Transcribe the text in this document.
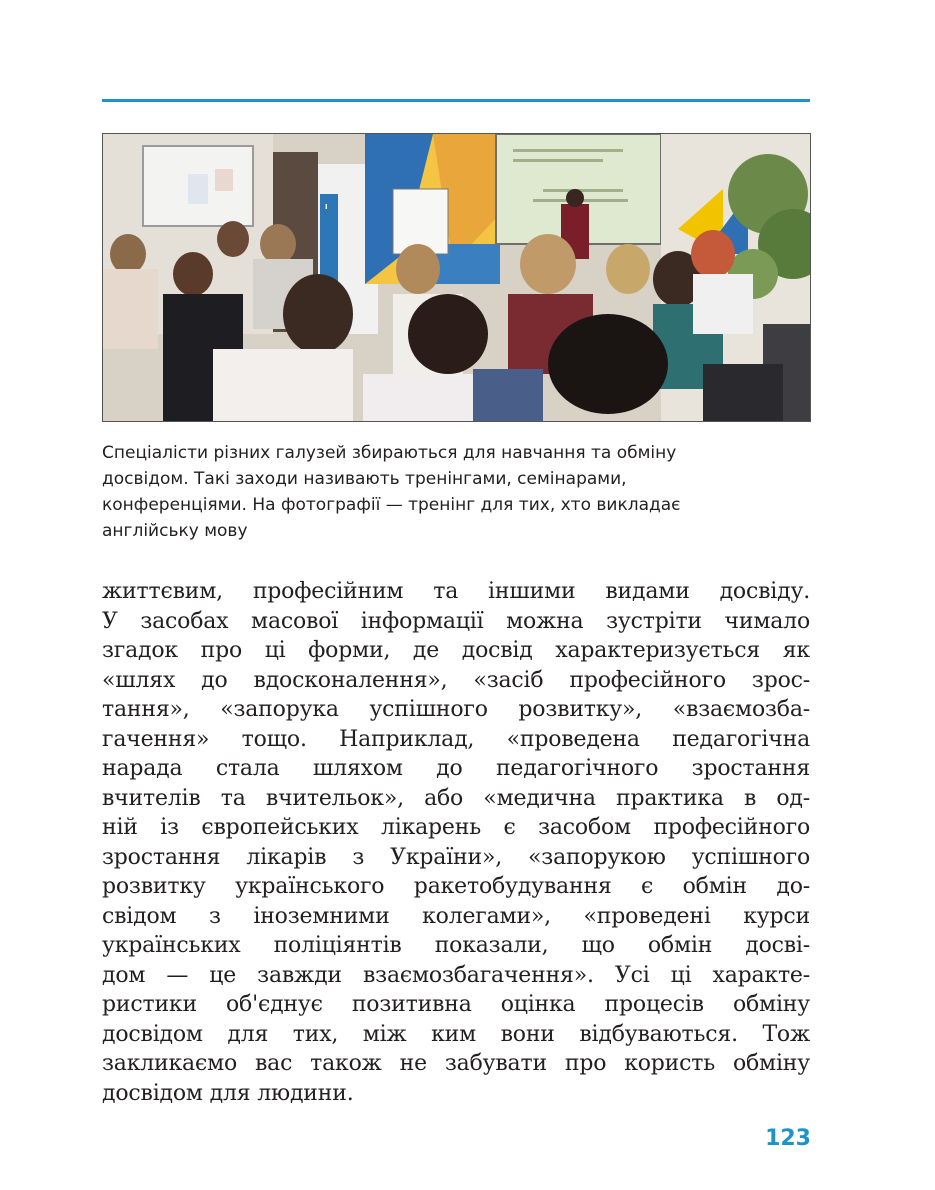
I

Спеціалісти різних галузей збираються для навчання та обміну
досвідом. Такі заходи називають тренінгами, семінарами,
конференціями. На фотографії — тренінг для тих, хто викладає
англійську мову

життєвим, професійним та іншими видами досвіду.
У засобах масової інформації можна зустріти чимало
згадок про ці форми, де досвід характеризується як
«шлях до вдосконалення», «засіб професійного зрос-
тання», «запорука успішного розвитку», «взаємозба-
гачення» тощо. Наприклад, «проведена педагогічна
нарада стала шляхом до педагогічного зростання
вчителів та вчительок», або «медична практика в од-
ній із європейських лікарень є засобом професійного
зростання лікарів з України», «запорукою успішного
розвитку українського ракетобудування є обмін до-
свідом з іноземними колегами», «проведені курси
українських поліціянтів показали, що обмін досві-
дом — це завжди взаємозбагачення». Усі ці характе-
ристики об'єднує позитивна оцінка процесів обміну
досвідом для тих, між ким вони відбуваються. Тож
закликаємо вас також не забувати про користь обміну
досвідом для людини.

123
